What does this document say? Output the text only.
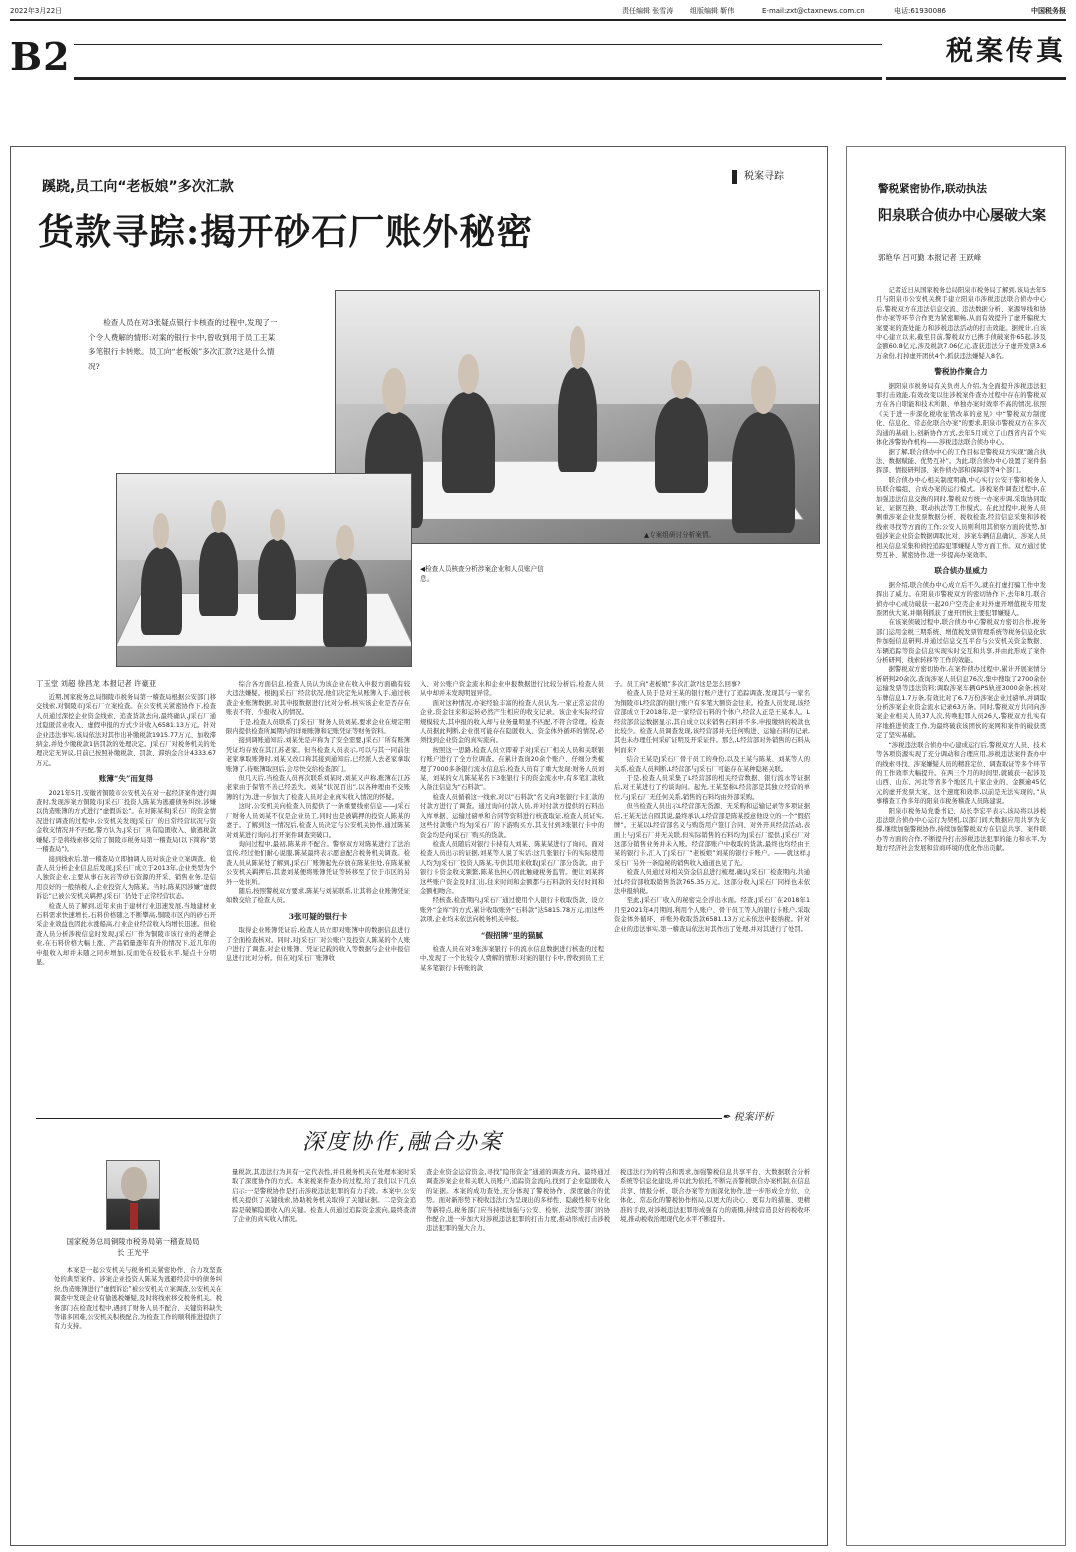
2022年3月22日	责任编辑 张雪涛 组版编辑 靳伟	E-mail:zxt@ctaxnews.com.cn	电话:61930086	中国税务报
B2	税案传真
蹊跷,员工向“老板娘”多次汇款
税案寻踪
货款寻踪:揭开砂石厂账外秘密
检查人员在对3张疑点银行卡核查的过程中,发现了一个令人费解的情形:对案的银行卡中,曾收到用于员工王某多笔银行卡转账。员工向“老板娘”多次汇款?这是什么情况?
▲专案组研讨分析案情。
◀检查人员核查分析涉案企业和人员账户信息。
丁玉堂 刘超 徐昌龙 本报记者 许豪亚

近期,国家税务总局铜陵市税务局第一稽查局根据公安部门移交线索,对铜陵市J采石厂立案检查。在公安机关紧密协作下,检查人员通过深挖企业资金线索、追查货款去向,最终确认,J采石厂通过隐匿营业收入、虚假申报的方式少计收入6581.13万元。针对企业违法事实,该局依法对其作出补缴税款1915.77万元、加收滞纳金,并处少缴税款1倍罚款的处理决定。J采石厂对税务机关的处理决定无异议,目前已按照补缴税款、罚款、滞纳金合计4333.67万元。

账簿“失”而复得

2021年5月,安徽省铜陵市公安机关在对一起经济案件进行调查时,发现涉案方铜陵市J采石厂投资人陈某为逃避债务纠纷,涉嫌以伪造账簿的方式进行“虚假诉讼”。在对陈某和J采石厂的资金情况进行调查的过程中,公安机关发现J采石厂的日常经营状况与资金收支情况并不匹配,警方认为,J采石厂具有隐匿收入、偷逃税款嫌疑,于是将线索移交给了铜陵市税务局第一稽查局(以下简称“第一稽查局”)。

接到线索后,第一稽查局立即抽调人员对该企业立案调查。检查人员分析企业信息后发现,J采石厂成立于2013年,企业类型为个人独资企业,主要从事石灰岩等砂石资源的开采、销售业务,是信用良好的一般纳税人,企业投资人为陈某。当时,陈某因涉嫌“虚假诉讼”已被公安机关羁押,J采石厂仍处于正常经营状态。

检查人员了解到,近年来由于建材行业迅速发展,当地建材业石料需求快速增长,石料价格随之不断攀高,铜陵市区内的砂石开采企业效益也因此水涨船高,行业企业经营收入均增长迅速。但检查人员分析涉税信息时发现,J采石厂作为铜陵市该行业的老牌企业,在石料价格大幅上涨、产品销量逐年有升的情况下,近几年的申报收入却并未随之同步增加,反而处在较低水平,疑点十分明显。

综合各方面信息,检查人员认为该企业在收入申报方面确有较大违法嫌疑。根据J采石厂经营状况,他们决定先从账簿入手,通过核查企业账簿数据,对其申报数据进行比对分析,核实该企业是否存在账表不符、少报收入的情况。

于是,检查人员联系了J采石厂财务人员刘某,要求企业在规定期限内提供检查所属期内的详细账簿和记账凭证等财务资料。

接到调账通知后,刘某先是声称为了安全需要,J采石厂所有账簿凭证均存放在其江苏老家。但当检查人员表示,可以与其一同前往老家拿取账簿时,刘某又改口称其接到通知后,已经派人去老家拿取账簿了,待账簿取回后,会尽快交给检查部门。

但几天后,当检查人员再次联系刘某时,刘某又声称,账簿在江苏老家由于保管不善已经丢失。刘某“状况百出”,以各种理由不交账簿的行为,进一步加大了检查人员对企业真实收入情况的怀疑。

这时,公安机关向检查人员提供了一条重要线索信息——J采石厂财务人员刘某不仅是企业员工,同时也是被羁押的投资人陈某的妻子。了解到这一情况后,检查人员决定与公安机关协作,通过陈某对刘某进行询问,打开案件调查突破口。

询问过程中,最初,陈某并不配合。警察双方对陈某进行了法治宣传,经过他们耐心说服,陈某最终表示愿意配合税务机关调查。检查人员从陈某处了解到,J采石厂账簿起先存放在陈某住处,在陈某被公安机关羁押后,其妻刘某便将账簿凭证等转移至了位于市区的另外一处住所。

随后,按照警税双方要求,陈某与刘某联系,让其将企业账簿凭证如数交给了检查人员。

3张可疑的银行卡

取得企业账簿凭证后,检查人员立即对账簿中的数据信息进行了全面检查核对。同时,对J采石厂对公账户及投资人陈某的个人账户进行了调查,对企业账簿、凭证记载的收入等数据与企业申报信息进行比对分析。但在对J采石厂账簿收

入、对公账户资金流水和企业申报数据进行比较分析后,检查人员从中却并未发现明显异常。

面对这种情况,办案经验丰富的检查人员认为,一家正常运营的企业,资金往来和运转必然产生相应的收支记录。该企业实际经营规模较大,其申报的收入却与业务量明显不匹配,不符合常理。检查人员据此判断,企业很可能存在隐匿收入、资金体外循环的情况,必须找到企业资金的真实流向。

按照这一思路,检查人员立即着手对J采石厂相关人员和关联银行账户进行了全方位调查。在累计查询20余个账户、仔细分类梳理了7000多条银行流水信息后,检查人员有了重大发现:财务人员刘某、刘某的女儿陈某某名下3张银行卡的资金流水中,有多笔汇款收入备注信息为“石料款”。

检查人员循着这一线索,对以“石料款”名义向3张银行卡汇款的付款方进行了调查。通过询问付款人员,并对付款方提供的石料出入库单据、运输过磅单和合同等资料进行核查取证,检查人员证实,这些付款账户均为J采石厂的下游购买方,其支付到3张银行卡中的资金均是向J采石厂购买的货款。

检查人员随后对银行卡持有人刘某、陈某某进行了询问。面对检查人员出示的证据,刘某等人说了实话:这几张银行卡的实际使用人均为J采石厂投资人陈某,专供其用来收取J采石厂部分货款。由于银行卡资金收支频繁,陈某也担心因此触碰税务监管。便让刘某将这些账户资金及时汇出,往来时间和金额都与石料款的支付时间和金额相吻合。

经核查,检查期内,J采石厂通过使用个人银行卡收取货款、设立账外“金库”的方式,累计收取账外“石料款”达5815.78万元,而这些款项,企业均未依法向税务机关申报。

“假招牌”里的猫腻

检查人员在对3张涉案银行卡的流水信息数据进行核查的过程中,发现了一个比较令人费解的情形:对案的银行卡中,曾收到员工王某多笔银行卡转账的款

子。员工向“老板娘”多次汇款?这是怎么回事?

检查人员于是对王某的银行账户进行了追踪调查,发现其与一家名为铜陵市L经营部的银行账户有多笔大额资金往来。检查人员发现,该经营部成立于2018年,是一家经营石料的个体户,经营人正是王某本人。L经营部营运数据显示,其自成立以来销售石料并不多,申报缴纳的税款也比较少。检查人员调查发现,该经营部并无任何购进、运输石料的记录,其也未办理任何采矿证明及开采证件。那么,L经营部对外销售的石料从何而来?

结合王某是J采石厂骨干员工的身份,以及王某与陈某、刘某等人的关系,检查人员判断,L经营部与J采石厂可能存在某种隐秘关联。

于是,检查人员采集了L经营部的相关经营数据、银行流水等证据后,对王某进行了约谈询问。起先,王某坚称L经营部是其独立经营的单位,与J采石厂无任何关系,销售的石料均由外部采购。

但当检查人员出示L经营部无货源、无采购和运输记录等多项证据后,王某无法自圆其说,最终承认,L经营部是陈某授意他设立的一个“假招牌”。王某以L经营部名义与购货用户签订合同、对外开具经营活动,表面上与J采石厂并无关联,但实际销售的石料均为J采石厂提供,J采石厂对这部分销售业务并未入账。经营部账户中收取的货款,最终也均经由王某的银行卡,汇入了J采石厂“老板娘”刘某的银行卡账户。——就这样,J采石厂另外一条隐秘的销售收入通道也见了光。

检查人员通过对相关资金信息进行梳理,确认J采石厂检查期内,共通过L经营部收取销售货款765.35万元。这部分收入J采石厂同样也未依法申报纳税。

至此,J采石厂收入的秘密完全浮出水面。经查,J采石厂在2018年1月至2021年4月期间,利用个人账户、骨干员工等人的银行卡账户,采取资金体外循环、并账外收取货款6581.13万元未依法申报纳税。针对企业的违法事实,第一稽查局依法对其作出了处理,并对其进行了处罚。

✒ 税案评析
国家税务总局铜陵市税务局第一稽查局局长 王光平
深度协作,融合办案

本案是一起公安机关与税务机关紧密协作、合力攻坚查处的典型案件。涉案企业投资人陈某为逃避经营中的债务纠纷,伪造账簿进行“虚假诉讼”被公安机关立案调查,公安机关在调查中发现企业有偷逃税嫌疑,及时将线索移交税务机关。税务部门在检查过程中,遇到了财务人员不配合、关键资料缺失等诸多困难,公安机关积极配合,为检查工作的顺利推进提供了有力支持。

量税款,其违法行为具有一定代表性,并且税务机关在处理本案时采取了深度协作的方式。本案税案件查办的过程,给了我们以下几点启示:一是警税协作是打击涉税违法犯罪的有力手段。本案中,公安机关提供了关键线索,协助税务机关取得了关键证据。二是资金追踪是破解隐匿收入的关键。检查人员通过追踪资金流向,最终查清了企业的真实收入情况。

查企业资金运营资金,寻找“隐形资金”通道的调查方向。最终通过调查涉案企业和关联人员账户,追踪资金流向,找到了企业隐匿收入的证据。本案的成功查处,充分体现了警税协作、深度融合的优势。面对新形势下税收违法行为呈现出的多样性、隐蔽性和专业化等新特点,税务部门应当持续加强与公安、检察、法院等部门的协作配合,进一步加大对涉税违法犯罪的打击力度,推动形成打击涉税违法犯罪的强大合力。

税违法行为的特点和需求,加强警税信息共享平台、大数据联合分析系统等信息化建设,并以此为依托,不断完善警税联合办案机制,在信息共享、情报分析、联合办案等方面深化协作,进一步形成全方位、立体化、常态化的警税协作格局,以更大的决心、更有力的措施、更精准的手段,对涉税违法犯罪形成强有力的震慑,持续营造良好的税收环境,推动税收治理现代化水平不断提升。

警税紧密协作,联动执法
阳泉联合侦办中心屡破大案
郭艳华 吕可勤 本报记者 王跃峰

记者近日从国家税务总局阳泉市税务局了解到,该局去年5月与阳泉市公安机关携手建立阳泉市涉税违法联合侦办中心后,警税双方在违法信息交流、违法数据分析、案源导线和协作办案等环节合作更为紧密顺畅,从而有效提升了虚开骗税大案要案的查处能力和涉税违法活动的打击效能。据统计,自该中心建立以来,截至目前,警税双方已携手侦破案件65起,涉及金额60.8亿元,涉及税款7.06亿元,查获违法分子虚开发票3.6万余份,打掉虚开团伙4个,抓获违法嫌疑人8名。

警税协作聚合力

据阳泉市税务局有关负责人介绍,为全面提升涉税违法犯罪打击效能,有效改变以往涉税案件查办过程中存在的警税双方在各自职能和技术所限、单独办案时效率不高的情况,依照《关于进一步深化税收征管改革的意见》中“警税双方制度化、信息化、常态化联合办案”的要求,阳泉市警税双方在多次沟通的基础上,创新协作方式,去年5月成立了山西省内首个实体化涉警协作机构——涉税违法联合侦办中心。

据了解,联合侦办中心的工作目标是警税双方实现“融合执法、数据赋能、优势互补”。为此,联合侦办中心设置了案件指挥部、情报研判部、案件侦办部和保障部等4个部门。

联合侦办中心相关制度明确,中心实行公安干警和税务人员联合编组、合成办案的运行模式。涉税案件调查过程中,在加强违法信息交换的同时,警税双方统一办案步调,采取协同取证、证据互换、联动执法等工作模式。在此过程中,税务人员侧重涉案企业发票数据分析、税收检查,经营信息采集和涉税线索寻找等方面的工作;公安人员则利用其侦察方面的优势,加强涉案企业资金数据调取比对、涉案车辆信息确认、涉案人员相关信息采集和侦控追踪犯罪嫌疑人等方面工作。双方通过优势互补、紧密协作,进一步提高办案效率。

联合侦办显威力

据介绍,联合侦办中心成立后不久,就在打虚打骗工作中发挥出了威力。在阳泉市警税双方的密切协作下,去年8月,联合侦办中心成功破获一起20户空壳企业对外虚开增值税专用发票团伙大案,并顺利抓获了虚开团伙主要犯罪嫌疑人。

在该案侦破过程中,联合侦办中心警税双方密切合作,税务部门运用金税三期系统、增值税发票管理系统等税务信息化软件加强信息研判,并通过信息交互平台与公安机关资金数据、车辆追踪等资金信息实现实时交互和共享,并由此形成了案件分析研判、线索转移等工作的效能。

据警税双方密切协作,在案件侦办过程中,累计开展案情分析研判20余次,查询涉案人员信息76次,集中搜取了2700余份运输发票等违法资料;调取涉案车辆GPS轨迹3000余条;核对车牌信息1.7万条,有效比对了6.7万份涉案企业过磅单,并调取分析涉案企业资金流水记录63万条。同时,警税双方共同向涉案企业相关人员37人次,传唤犯罪人员26人,警税双方扎实有序地推进侦查工作,为最终破获该团伙的案网和案件的破获奠定了坚实基础。

“涉税违法联合侦办中心建成运行后,警税双方人员、技术等各项资源实现了充分调动和合理应用,涉税违法案件查办中的线索寻找、涉案嫌疑人员的精准定位、调查取证等多个环节的工作效率大幅提升。在两三个月的时间里,就破获一起涉及山西、山东、河北等省多个地区几十家企业的、金额逾45亿元的虚开发票大案。这个速度和效率,以前是无法实现的。”从事稽查工作多年的阳泉市税务稽查人员陈建说。

阳泉市税务局党委书记、局长李宏平表示,该局将以涉税违法联合侦办中心运行为契机,以部门间大数据应用共享为支撑,继续加强警税协作,持续加强警税双方在信息共享、案件联办等方面的合作,不断提升打击涉税违法犯罪的能力和水平,为地方经济社会发展和营商环境的优化作出贡献。
